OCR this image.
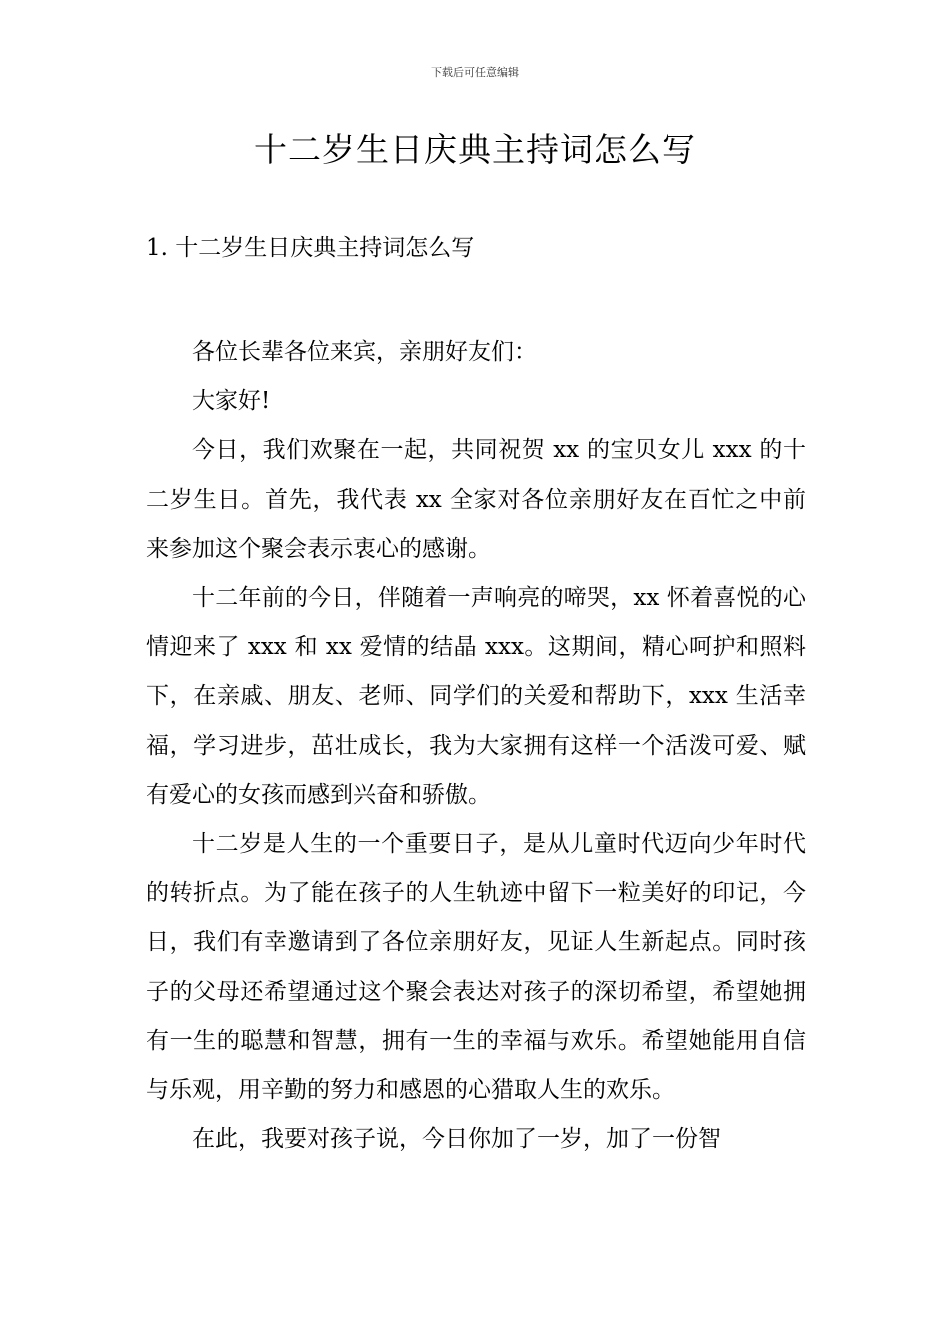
下载后可任意编辑
十二岁生日庆典主持词怎么写
1. 十二岁生日庆典主持词怎么写

各位长辈各位来宾，亲朋好友们：

大家好!

今日，我们欢聚在一起，共同祝贺 xx 的宝贝女儿 xxx 的十二岁生日。首先，我代表 xx 全家对各位亲朋好友在百忙之中前来参加这个聚会表示衷心的感谢。

十二年前的今日，伴随着一声响亮的啼哭，xx 怀着喜悦的心情迎来了 xxx 和 xx 爱情的结晶 xxx。这期间，精心呵护和照料下，在亲戚、朋友、老师、同学们的关爱和帮助下，xxx 生活幸福，学习进步，茁壮成长，我为大家拥有这样一个活泼可爱、赋有爱心的女孩而感到兴奋和骄傲。

十二岁是人生的一个重要日子，是从儿童时代迈向少年时代的转折点。为了能在孩子的人生轨迹中留下一粒美好的印记，今日，我们有幸邀请到了各位亲朋好友，见证人生新起点。同时孩子的父母还希望通过这个聚会表达对孩子的深切希望，希望她拥有一生的聪慧和智慧，拥有一生的幸福与欢乐。希望她能用自信与乐观，用辛勤的努力和感恩的心猎取人生的欢乐。

在此，我要对孩子说，今日你加了一岁，加了一份智
